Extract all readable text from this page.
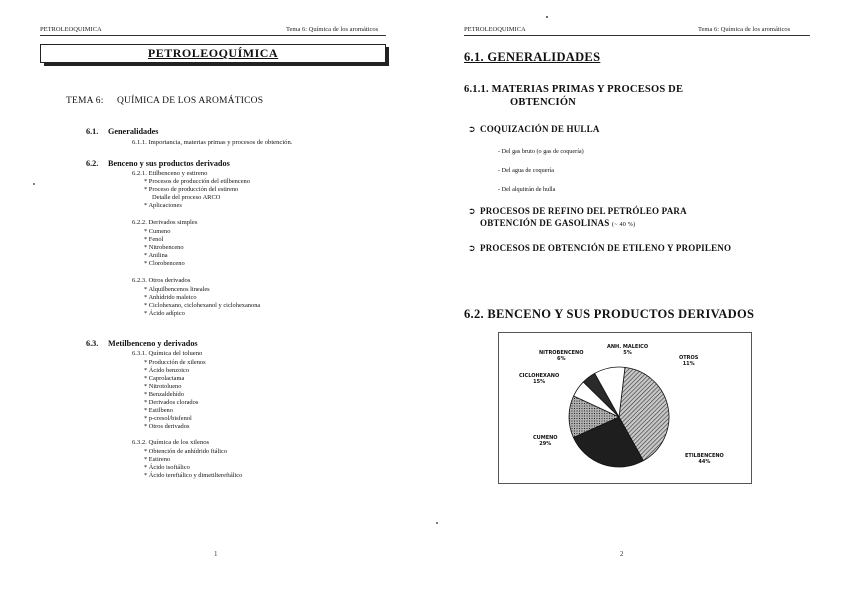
PETROLEOQUIMICA	Tema 6: Química de los aromáticos
PETROLEOQUÍMICA
TEMA 6: QUÍMICA DE LOS AROMÁTICOS
6.1. Generalidades
6.1.1. Importancia, materias primas y procesos de obtención.
6.2. Benceno y sus productos derivados
6.2.1. Etilbenceno y estireno
* Procesos de producción del etilbenceno
* Proceso de producción del estireno
Detalle del proceso ARCO
* Aplicaciones
6.2.2. Derivados simples
* Cumeno
* Fenol
* Nitrobenceno
* Anilina
* Clorobenceno
6.2.3. Otros derivados
* Alquilbencenos lineales
* Anhídrido maleico
* Ciclohexano, ciclohexanol y ciclohexanona
* Ácido adípico
6.3. Metilbenceno y derivados
6.3.1. Química del tolueno
* Producción de xilenos
* Ácido benzoico
* Caprolactama
* Nitrotolueno
* Benzaldehído
* Derivados clorados
* Estilbeno
* p-cresol/bisfenol
* Otros derivados
6.3.2. Química de los xilenos
* Obtención de anhídrido ftálico
* Estireno
* Ácido isoftálico
* Ácido tereftálico y dimetiltereftálico
1
PETROLEOQUIMICA	Tema 6: Química de los aromáticos
6.1. GENERALIDADES
6.1.1. MATERIAS PRIMAS Y PROCESOS DE
OBTENCIÓN
➲ COQUIZACIÓN DE HULLA
- Del gas bruto (o gas de coquería)
- Del agua de coquería
- Del alquitrán de hulla
➲ PROCESOS DE REFINO DEL PETRÓLEO PARA
OBTENCIÓN DE GASOLINAS (~ 40 %)
➲ PROCESOS DE OBTENCIÓN DE ETILENO Y PROPILENO
6.2. BENCENO Y SUS PRODUCTOS DERIVADOS
NITROBENCENO
6%
ANH. MALEICO
5%
OTROS
11%
CICLOHEXANO
15%
CUMENO
29%
ETILBENCENO
44%
2
